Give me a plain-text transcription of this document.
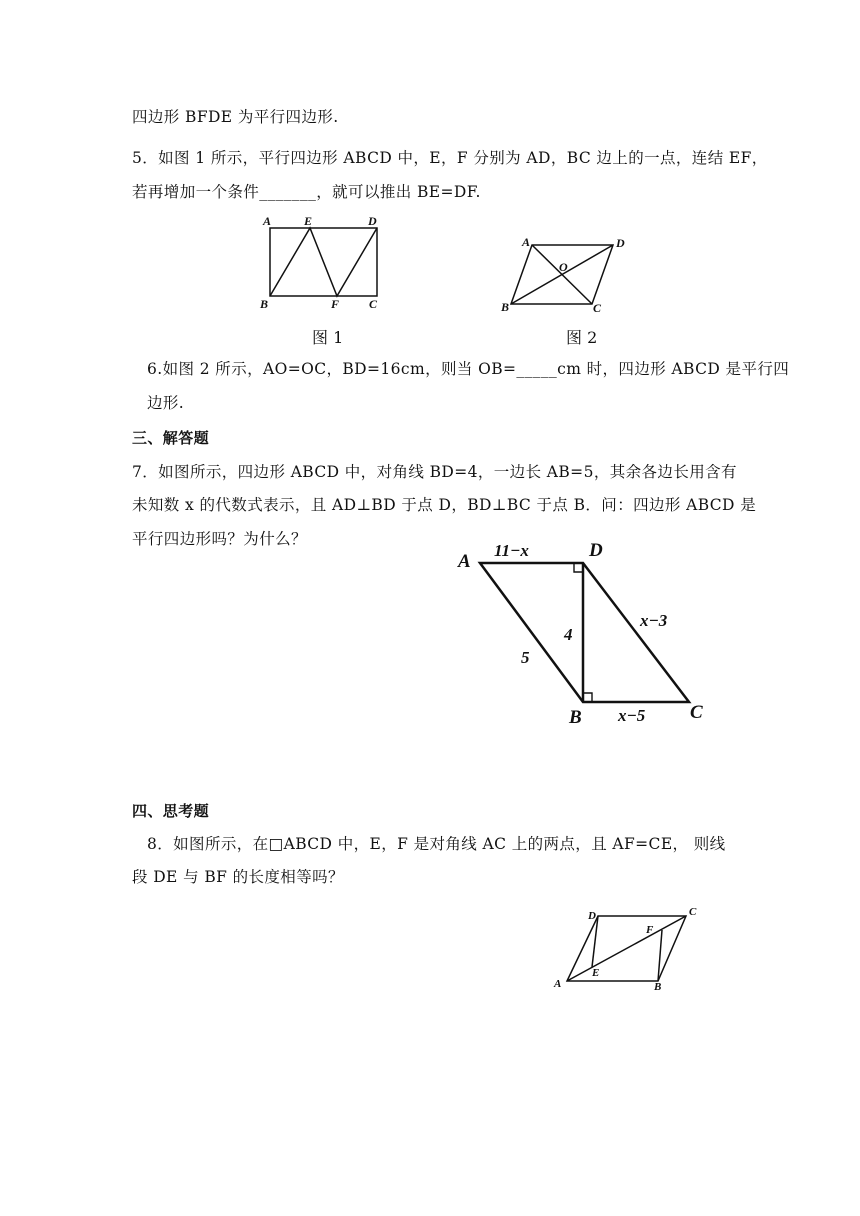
四边形 BFDE 为平行四边形.
5．如图 1 所示，平行四边形 ABCD 中，E，F 分别为 AD，BC 边上的一点，连结 EF，
若再增加一个条件_______，就可以推出 BE=DF.
A	E	D
B	F C
图 1
A	D
O
B	C
图 2
6.如图 2 所示，AO=OC，BD=16cm，则当 OB=_____cm 时，四边形 ABCD 是平行四
边形.
三、解答题
7．如图所示，四边形 ABCD 中，对角线 BD=4，一边长 AB=5，其余各边长用含有
未知数 x 的代数式表示，且 AD⊥BD 于点 D，BD⊥BC 于点 B．问：四边形 ABCD 是
平行四边形吗？为什么？
A
D
B	C
11−x
x−3
4
5
x−5
四、思考题
8．如图所示，在□ABCD 中，E，F 是对角线 AC 上的两点，且 AF=CE， 则线
段 DE 与 BF 的长度相等吗？
D	C
F
E
A	B
